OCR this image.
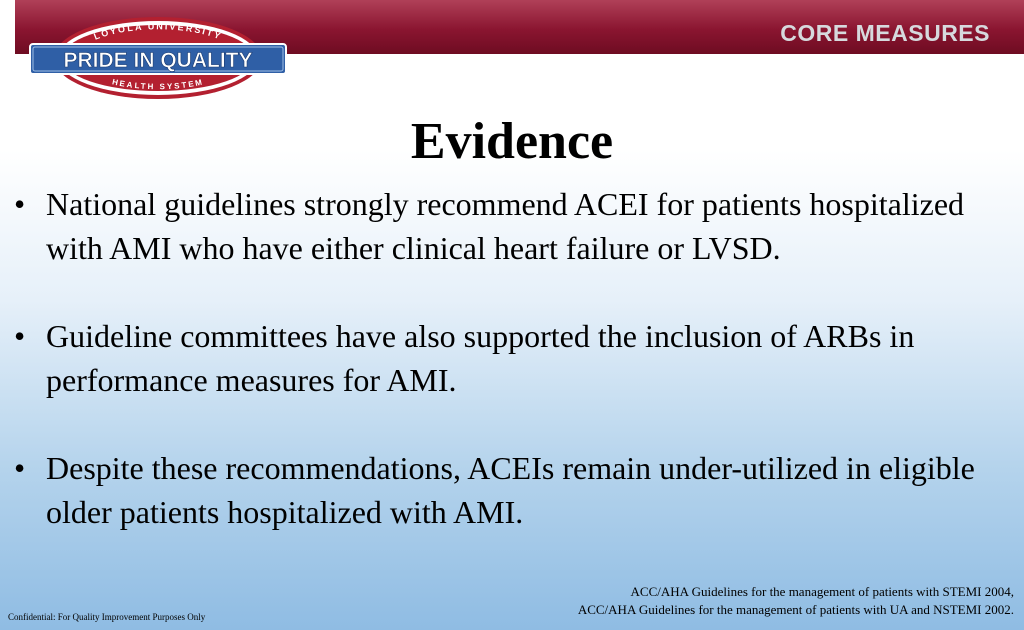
CORE MEASURES
LOYOLA UNIVERSITY
HEALTH SYSTEM
PRIDE IN QUALITY
Evidence
• National guidelines strongly recommend ACEI for patients hospitalized with AMI who have either clinical heart failure or LVSD.
• Guideline committees have also supported the inclusion of ARBs in performance measures for AMI.
• Despite these recommendations, ACEIs remain under-utilized in eligible older patients hospitalized with AMI.
Confidential: For Quality Improvement Purposes Only
ACC/AHA Guidelines for the management of patients with STEMI 2004,
ACC/AHA Guidelines for the management of patients with UA and NSTEMI 2002.
